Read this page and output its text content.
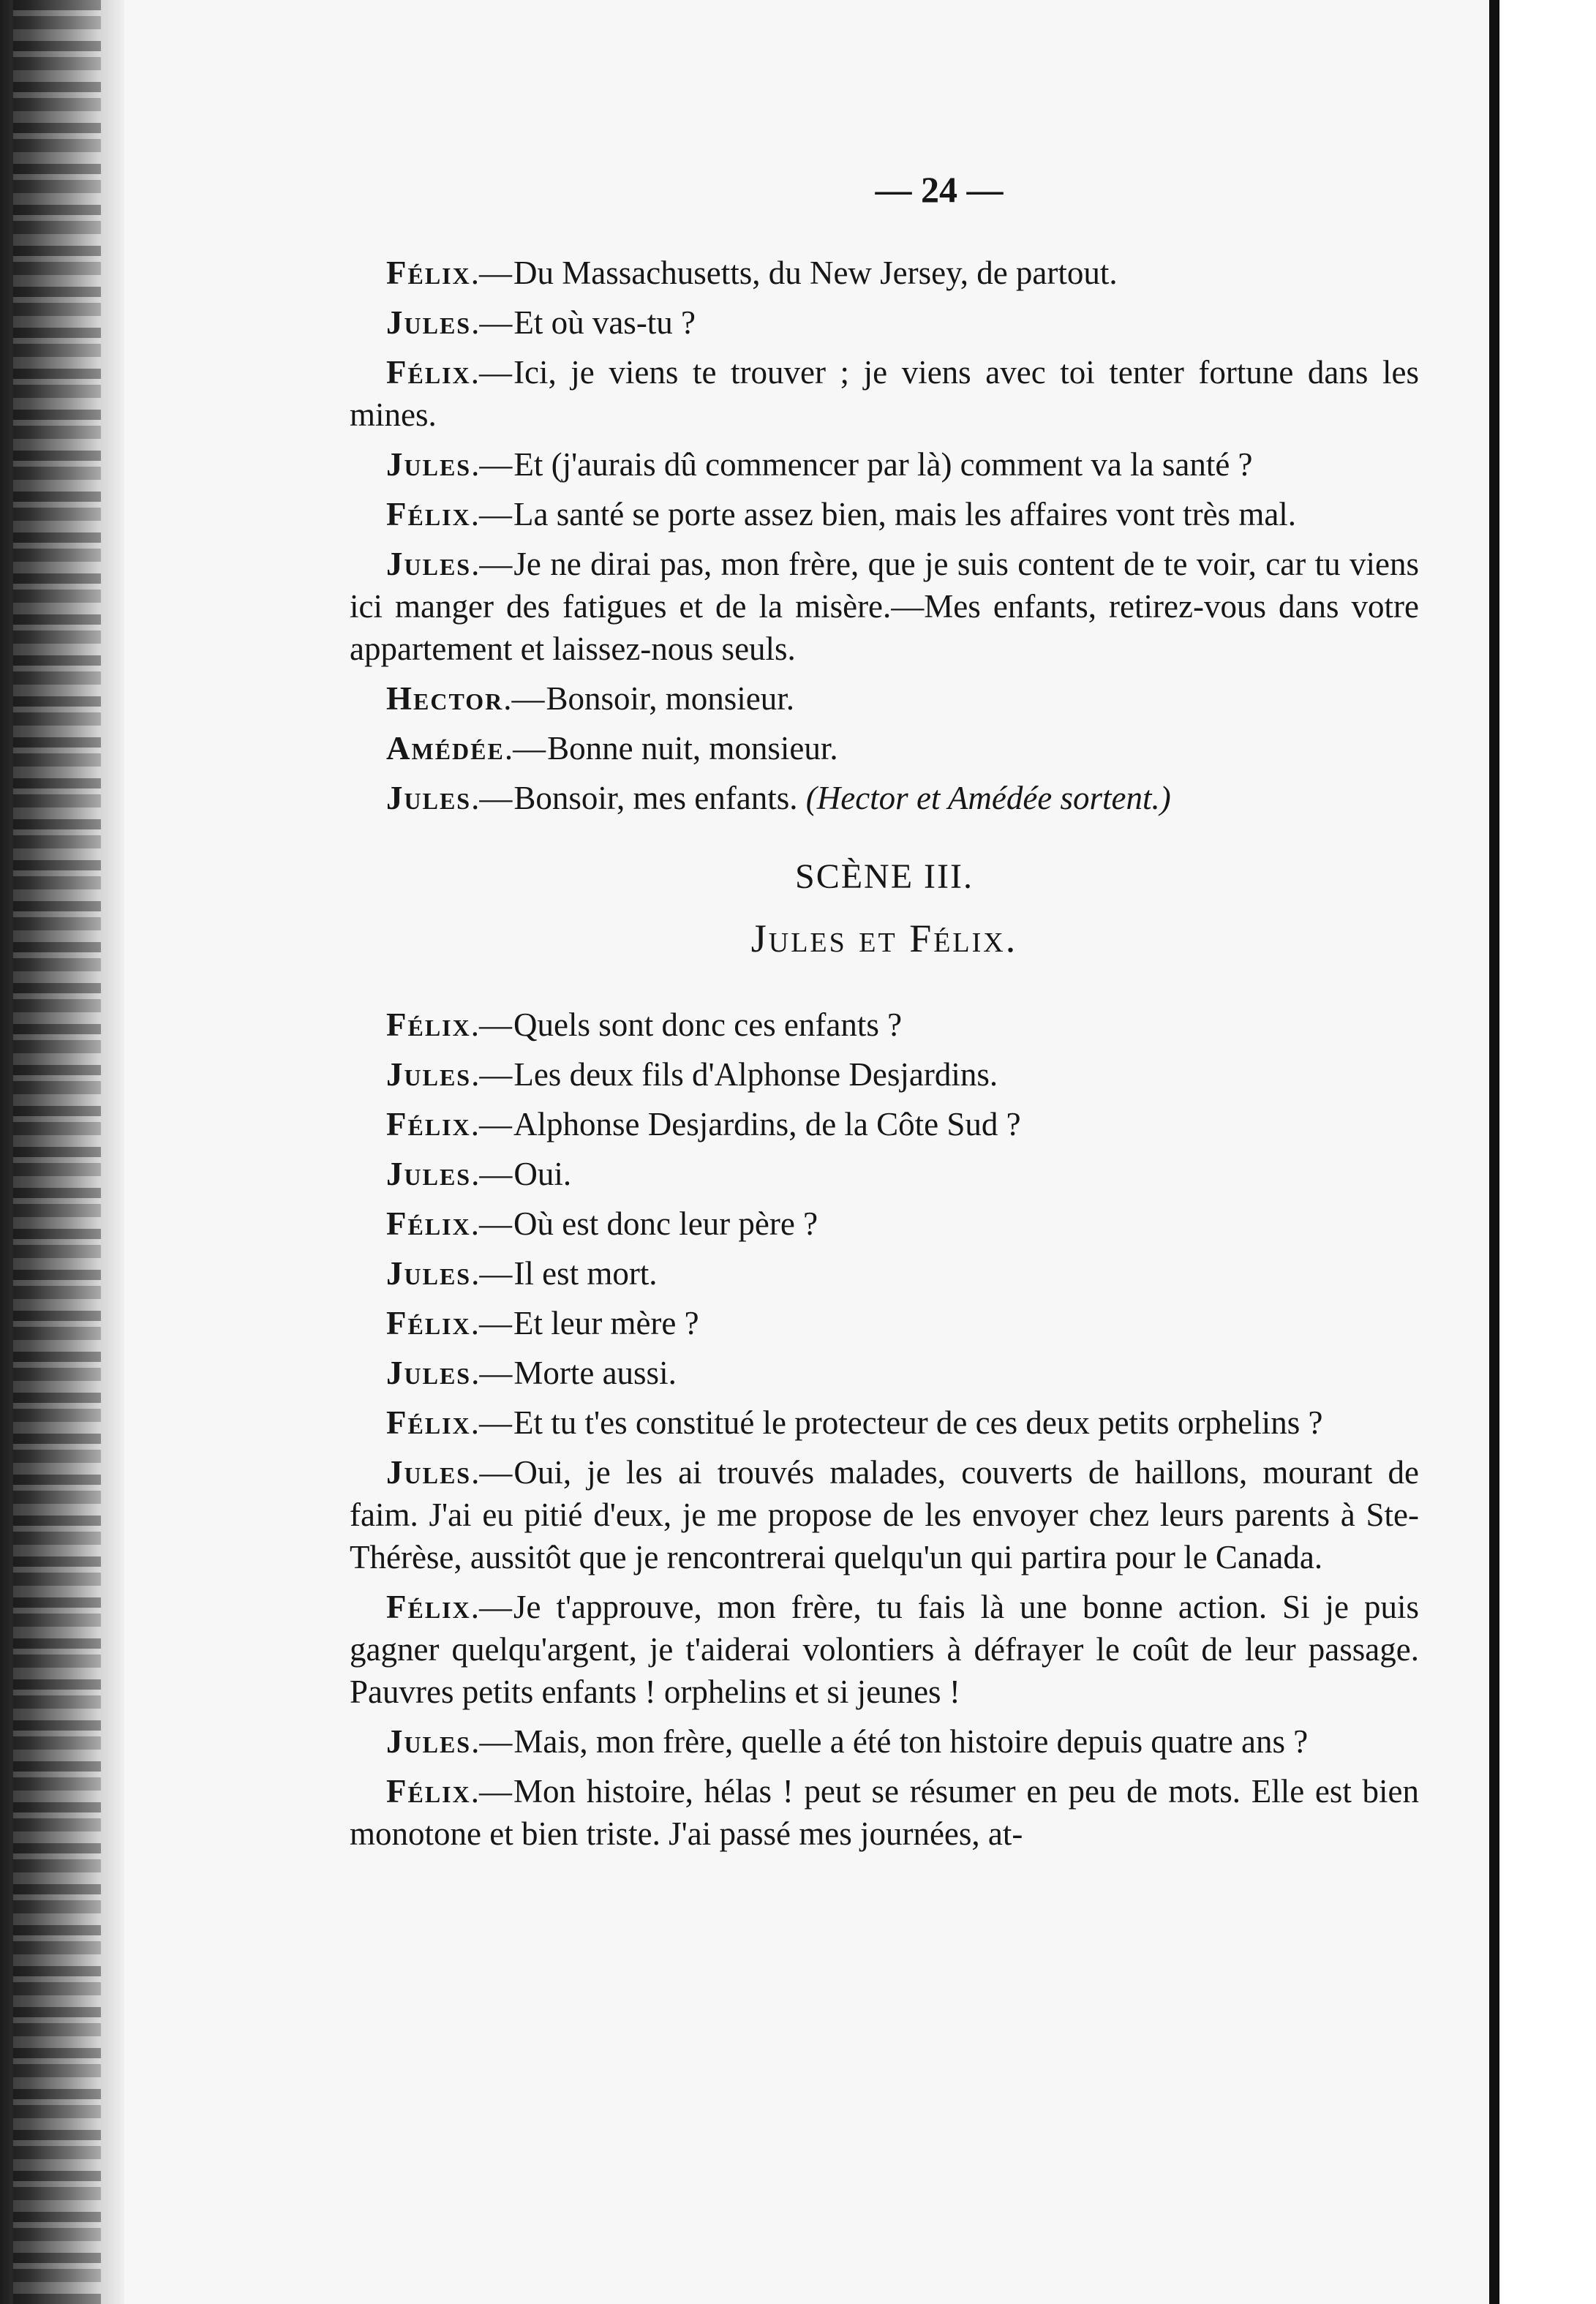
— 24 —

Félix.—Du Massachusetts, du New Jersey, de partout.

Jules.—Et où vas-tu ?

Félix.—Ici, je viens te trouver ; je viens avec toi tenter fortune dans les mines.

Jules.—Et (j'aurais dû commencer par là) comment va la santé ?

Félix.—La santé se porte assez bien, mais les affaires vont très mal.

Jules.—Je ne dirai pas, mon frère, que je suis content de te voir, car tu viens ici manger des fatigues et de la misère.—Mes enfants, retirez-vous dans votre appartement et laissez-nous seuls.

Hector.—Bonsoir, monsieur.

Amédée.—Bonne nuit, monsieur.

Jules.—Bonsoir, mes enfants. (Hector et Amédée sortent.)

SCÈNE III.
Jules et Félix.

Félix.—Quels sont donc ces enfants ?

Jules.—Les deux fils d'Alphonse Desjardins.

Félix.—Alphonse Desjardins, de la Côte Sud ?

Jules.—Oui.

Félix.—Où est donc leur père ?

Jules.—Il est mort.

Félix.—Et leur mère ?

Jules.—Morte aussi.

Félix.—Et tu t'es constitué le protecteur de ces deux petits orphelins ?

Jules.—Oui, je les ai trouvés malades, couverts de haillons, mourant de faim. J'ai eu pitié d'eux, je me propose de les envoyer chez leurs parents à Ste-Thérèse, aussitôt que je rencontrerai quelqu'un qui partira pour le Canada.

Félix.—Je t'approuve, mon frère, tu fais là une bonne action. Si je puis gagner quelqu'argent, je t'aiderai volontiers à défrayer le coût de leur passage. Pauvres petits enfants ! orphelins et si jeunes !

Jules.—Mais, mon frère, quelle a été ton histoire depuis quatre ans ?

Félix.—Mon histoire, hélas ! peut se résumer en peu de mots. Elle est bien monotone et bien triste. J'ai passé mes journées, at-
